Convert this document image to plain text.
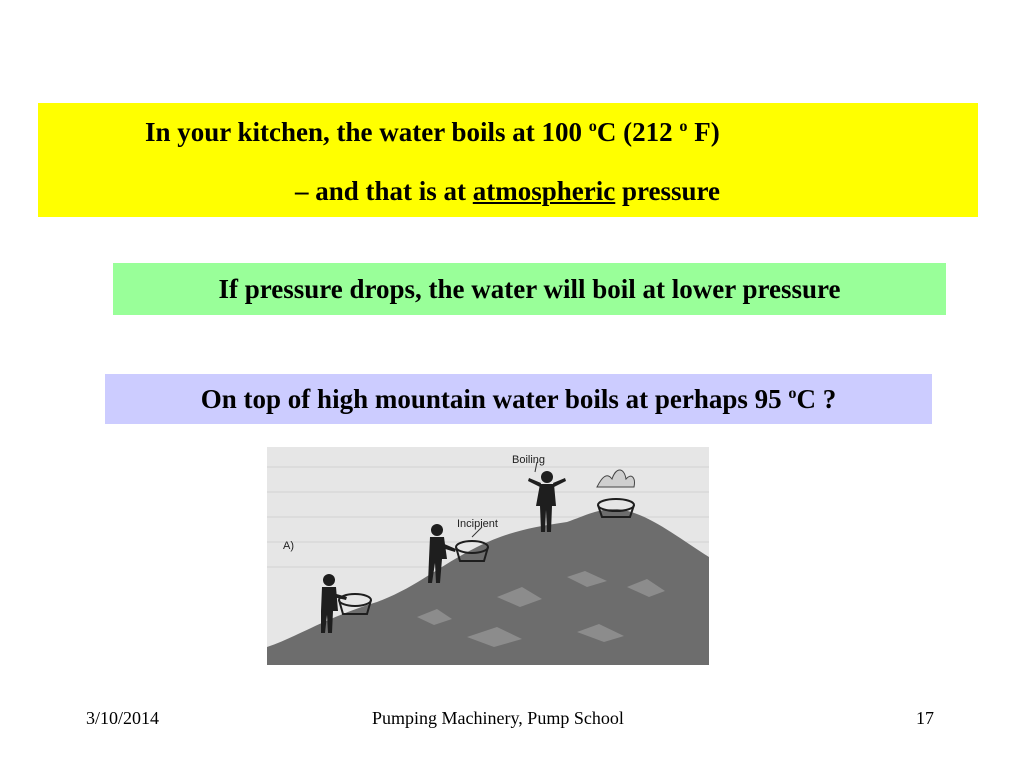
In your kitchen, the water boils at 100 $^o$C (212 $^o$ F)
– and that is at atmospheric pressure
If pressure drops, the water will boil at lower pressure
On top of high mountain water boils at perhaps 95 $^o$C ?
A)
Incipient
Boiling
3/10/2014	Pumping Machinery, Pump School	17
